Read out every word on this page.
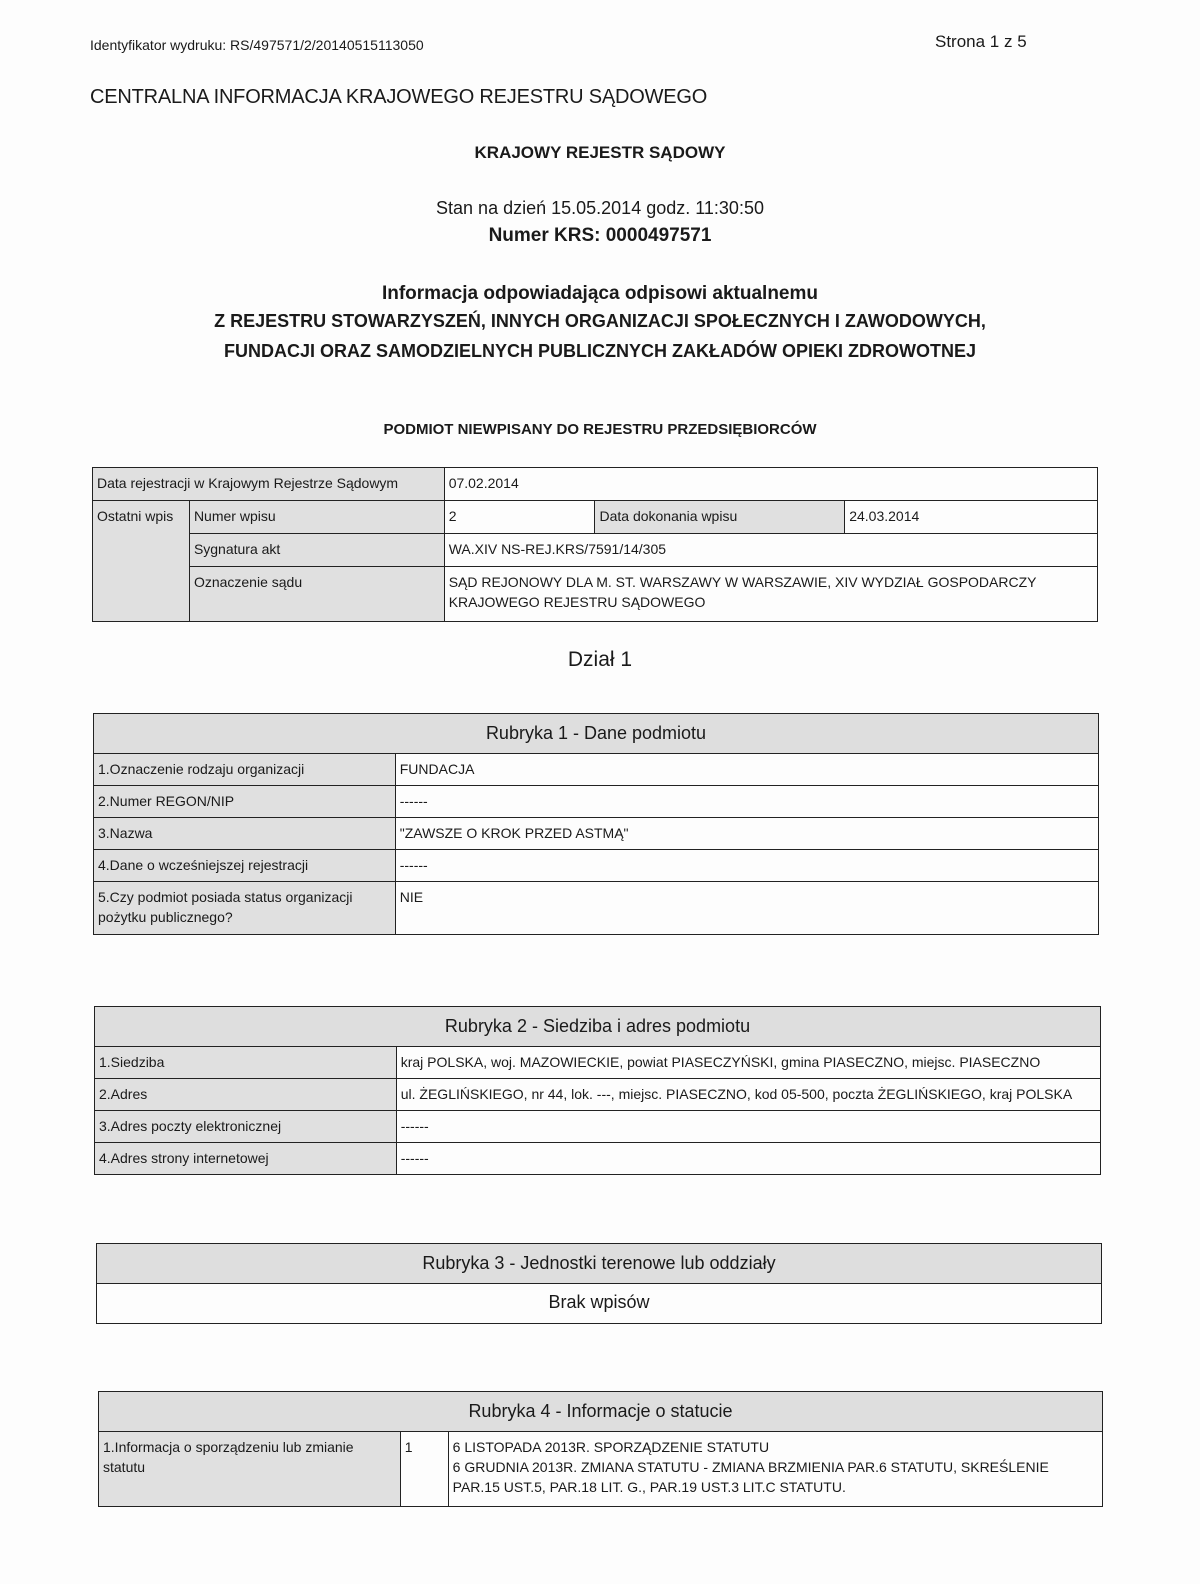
Identyfikator wydruku: RS/497571/2/20140515113050	Strona 1 z 5
CENTRALNA INFORMACJA KRAJOWEGO REJESTRU SĄDOWEGO
KRAJOWY REJESTR SĄDOWY
Stan na dzień 15.05.2014 godz. 11:30:50
Numer KRS: 0000497571
Informacja odpowiadająca odpisowi aktualnemu
Z REJESTRU STOWARZYSZEŃ, INNYCH ORGANIZACJI SPOŁECZNYCH I ZAWODOWYCH,
FUNDACJI ORAZ SAMODZIELNYCH PUBLICZNYCH ZAKŁADÓW OPIEKI ZDROWOTNEJ
PODMIOT NIEWPISANY DO REJESTRU PRZEDSIĘBIORCÓW
Data rejestracji w Krajowym Rejestrze Sądowym		07.02.2014		
Ostatni wpis	Numer wpisu	2	Data dokonania wpisu	24.03.2014
	Sygnatura akt	WA.XIV NS-REJ.KRS/7591/14/305		
	Oznaczenie sądu	SĄD REJONOWY DLA M. ST. WARSZAWY W WARSZAWIE, XIV WYDZIAŁ GOSPODARCZY
KRAJOWEGO REJESTRU SĄDOWEGO		
Dział 1
Rubryka 1 - Dane podmiotu	
1.Oznaczenie rodzaju organizacji	FUNDACJA
2.Numer REGON/NIP	------
3.Nazwa	"ZAWSZE O KROK PRZED ASTMĄ"
4.Dane o wcześniejszej rejestracji	------

5.Czy podmiot posiada status organizacji
pożytku publicznego?	NIE
Rubryka 2 - Siedziba i adres podmiotu	
1.Siedziba	kraj POLSKA, woj. MAZOWIECKIE, powiat PIASECZYŃSKI, gmina PIASECZNO, miejsc. PIASECZNO
2.Adres	ul. ŻEGLIŃSKIEGO, nr 44, lok. ---, miejsc. PIASECZNO, kod 05-500, poczta ŻEGLIŃSKIEGO, kraj POLSKA
3.Adres poczty elektronicznej	------
4.Adres strony internetowej	------
Rubryka 3 - Jednostki terenowe lub oddziały
Brak wpisów
Rubryka 4 - Informacje o statucie

1.Informacja o sporządzeniu lub zmianie
statutu
	1	6 LISTOPADA 2013R. SPORZĄDZENIE STATUTU
6 GRUDNIA 2013R. ZMIANA STATUTU - ZMIANA BRZMIENIA PAR.6 STATUTU, SKREŚLENIE
PAR.15 UST.5, PAR.18 LIT. G., PAR.19 UST.3 LIT.C STATUTU.
